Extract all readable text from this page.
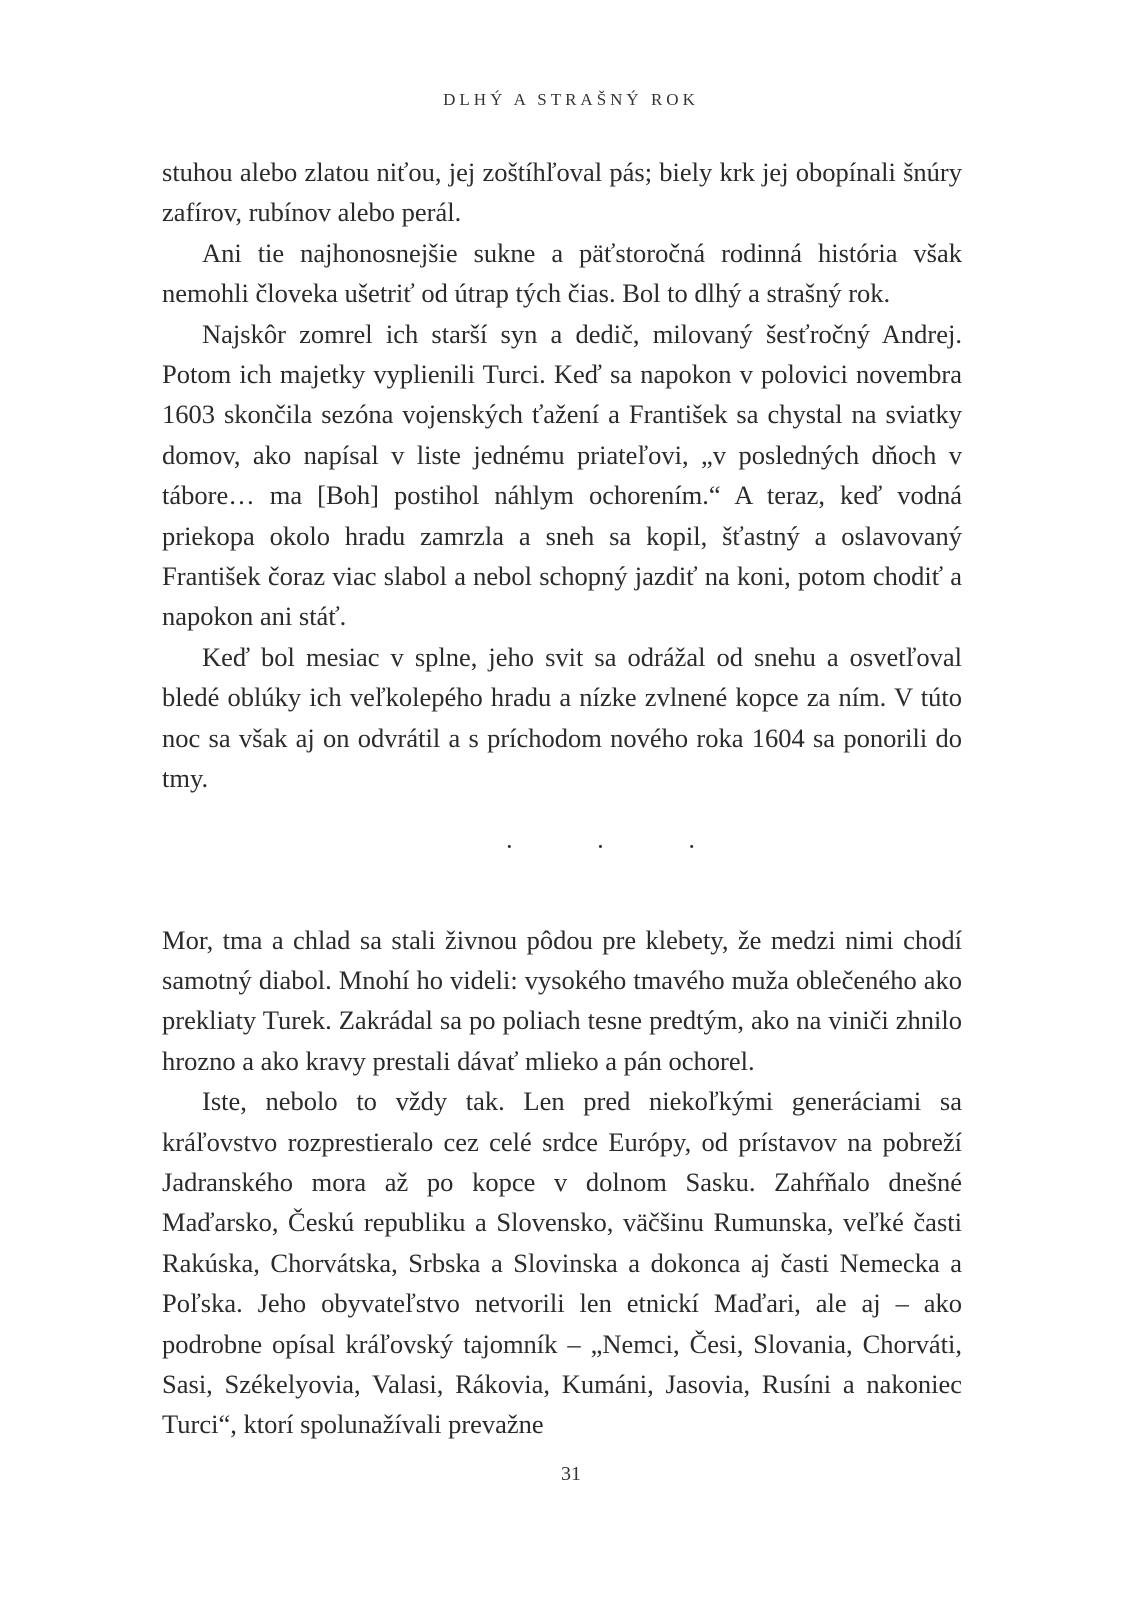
DLHÝ A STRAŠNÝ ROK

stuhou alebo zlatou niťou, jej zoštíhľoval pás; biely krk jej obopínali šnúry zafírov, rubínov alebo perál.

Ani tie najhonosnejšie sukne a päťstoročná rodinná história však nemohli človeka ušetriť od útrap tých čias. Bol to dlhý a strašný rok.

Najskôr zomrel ich starší syn a dedič, milovaný šesťročný Andrej. Potom ich majetky vyplienili Turci. Keď sa napokon v polovici novembra 1603 skončila sezóna vojenských ťažení a František sa chystal na sviatky domov, ako napísal v liste jednému priateľovi, „v posledných dňoch v tábore… ma [Boh] postihol náhlym ochorením.“ A teraz, keď vodná priekopa okolo hradu zamrzla a sneh sa kopil, šťastný a oslavovaný František čoraz viac slabol a nebol schopný jazdiť na koni, potom chodiť a napokon ani stáť.

Keď bol mesiac v splne, jeho svit sa odrážal od snehu a osvetľoval bledé oblúky ich veľkolepého hradu a nízke zvlnené kopce za ním. V túto noc sa však aj on odvrátil a s príchodom nového roka 1604 sa ponorili do tmy.

· · ·

Mor, tma a chlad sa stali živnou pôdou pre klebety, že medzi nimi chodí samotný diabol. Mnohí ho videli: vysokého tmavého muža oblečeného ako prekliaty Turek. Zakrádal sa po poliach tesne predtým, ako na viniči zhnilo hrozno a ako kravy prestali dávať mlieko a pán ochorel.

Iste, nebolo to vždy tak. Len pred niekoľkými generáciami sa kráľovstvo rozprestieralo cez celé srdce Európy, od prístavov na pobreží Jadranského mora až po kopce v dolnom Sasku. Zahŕňalo dnešné Maďarsko, Českú republiku a Slovensko, väčšinu Rumunska, veľké časti Rakúska, Chorvátska, Srbska a Slovinska a dokonca aj časti Nemecka a Poľska. Jeho obyvateľstvo netvorili len etnickí Maďari, ale aj – ako podrobne opísal kráľovský tajomník – „Nemci, Česi, Slovania, Chorváti, Sasi, Székelyovia, Valasi, Rákovia, Kumáni, Jasovia, Rusíni a nakoniec Turci“, ktorí spolunažívali prevažne

31
